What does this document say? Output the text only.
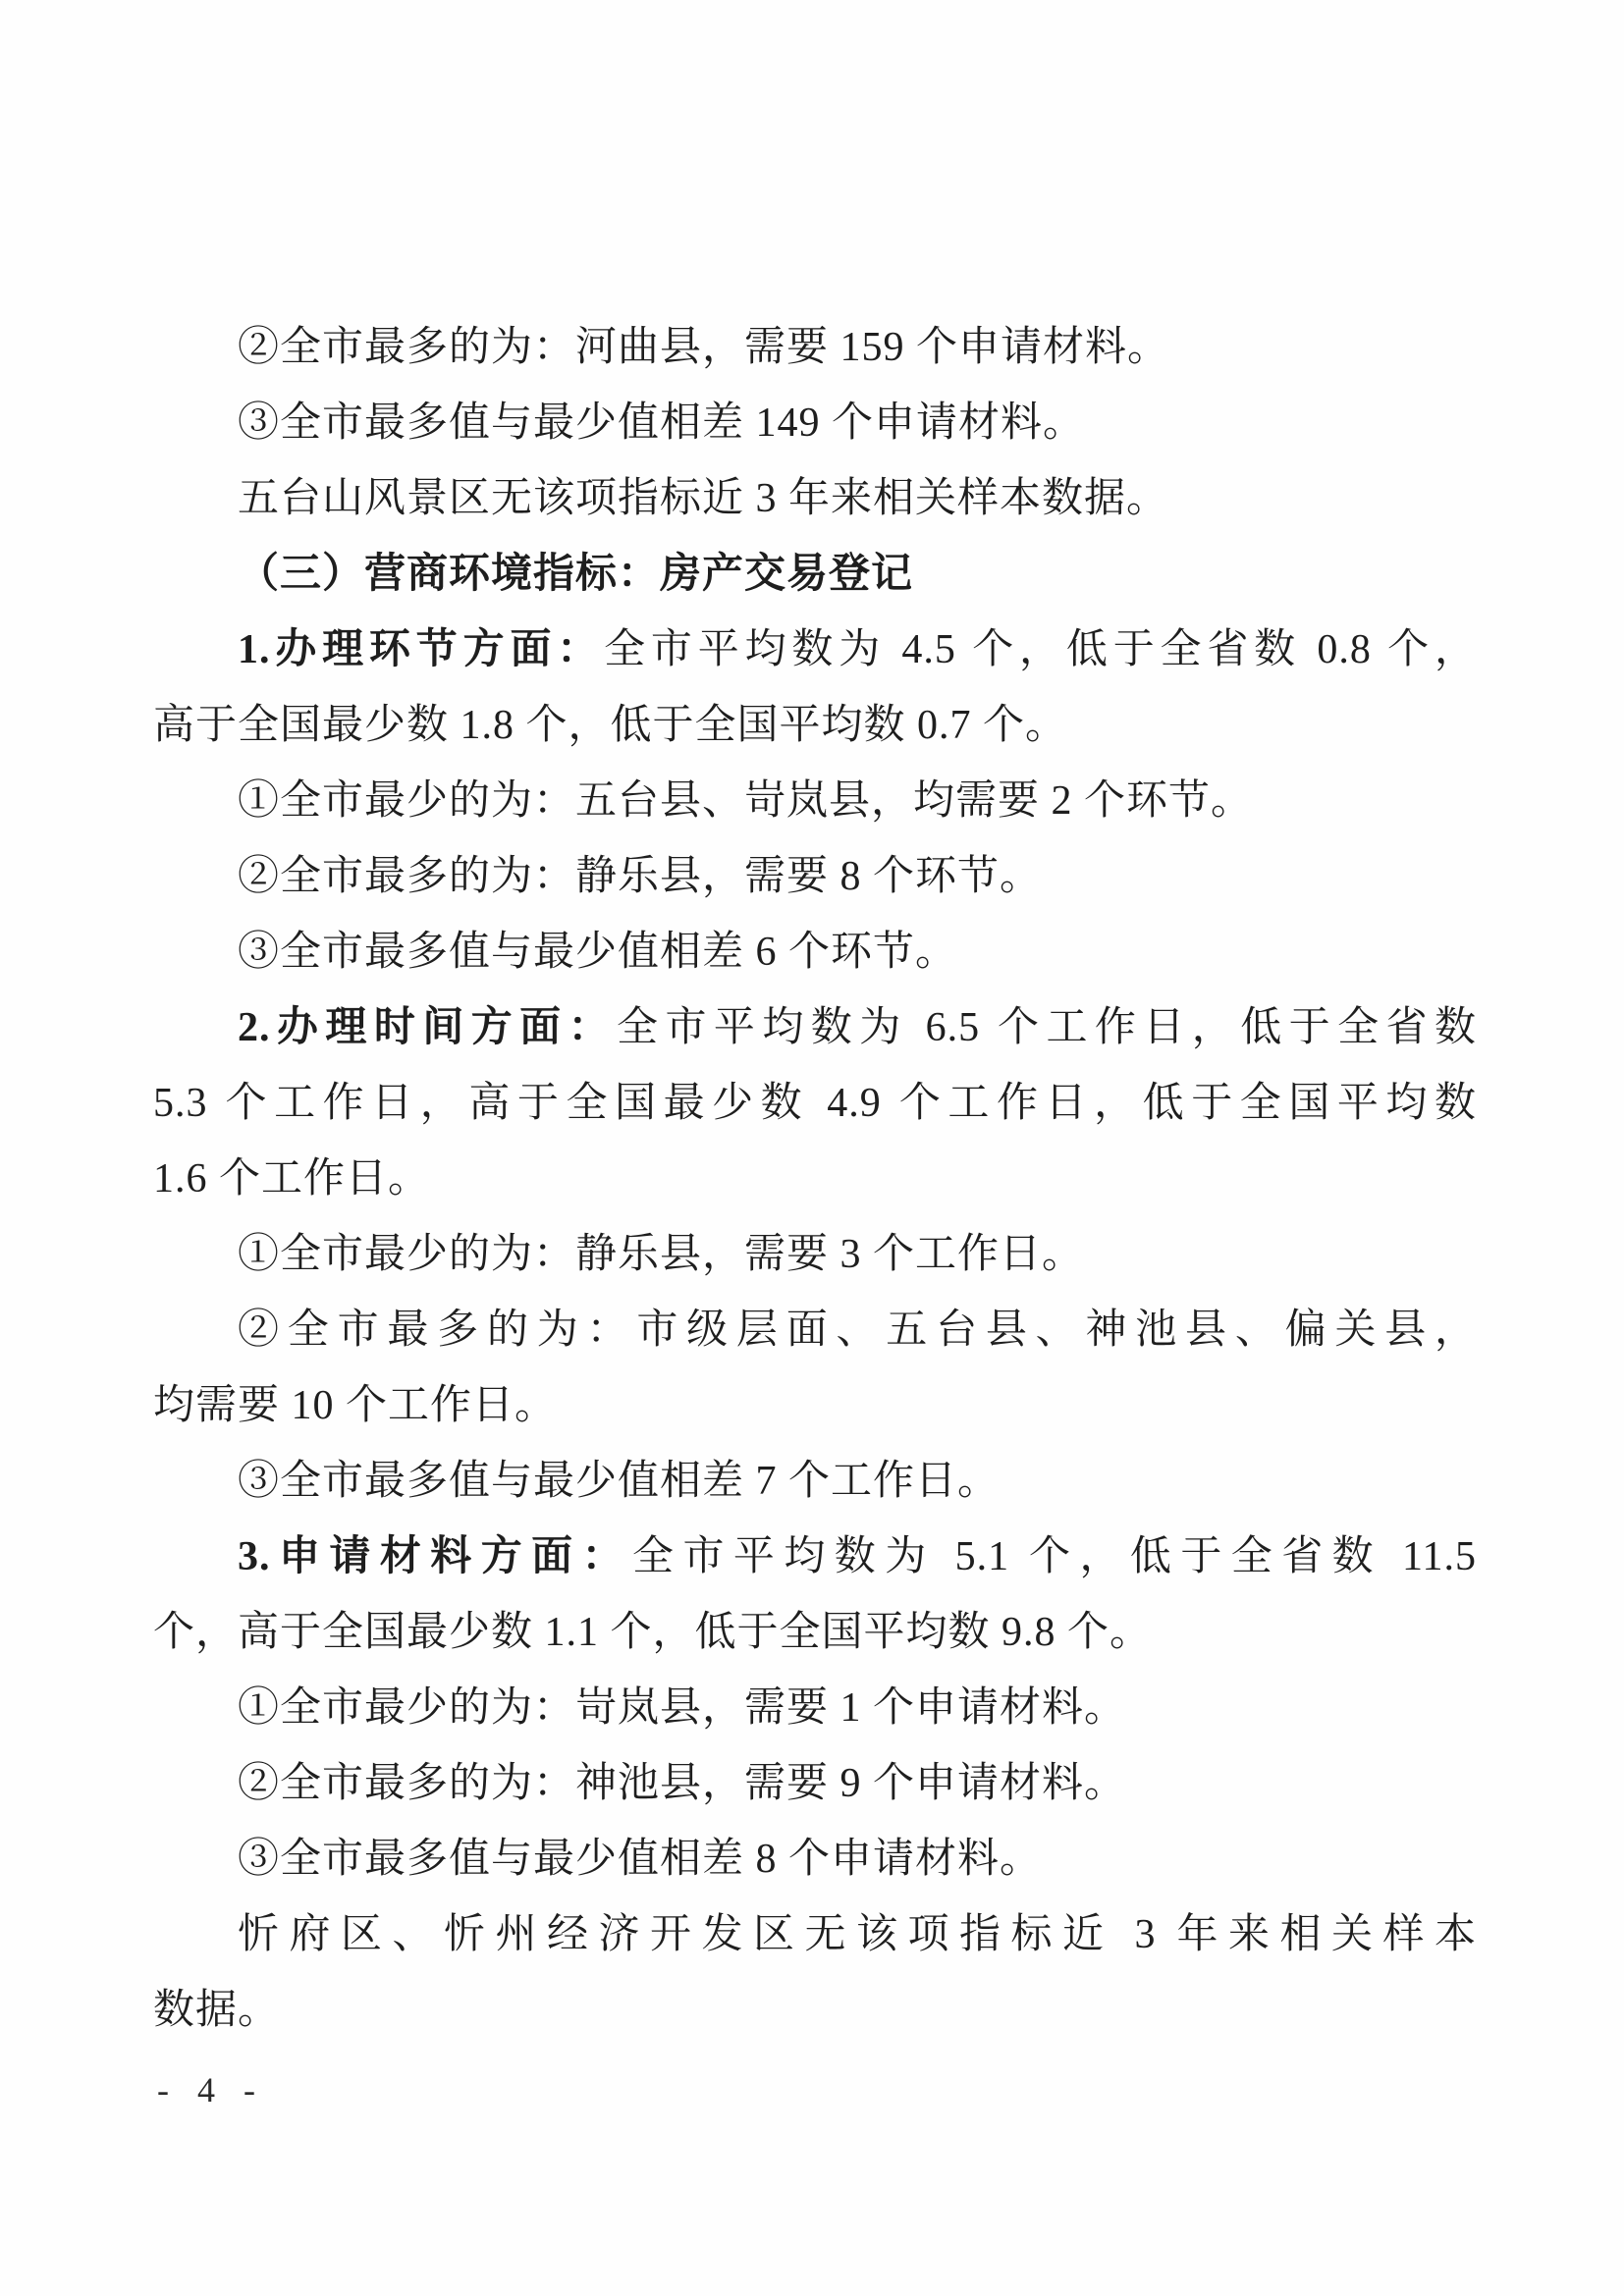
②全市最多的为：河曲县，需要 159 个申请材料。
③全市最多值与最少值相差 149 个申请材料。
五台山风景区无该项指标近 3 年来相关样本数据。
（三）营商环境指标：房产交易登记
1.办理环节方面：全市平均数为 4.5 个，低于全省数 0.8 个，
高于全国最少数 1.8 个，低于全国平均数 0.7 个。
①全市最少的为：五台县、岢岚县，均需要 2 个环节。
②全市最多的为：静乐县，需要 8 个环节。
③全市最多值与最少值相差 6 个环节。
2.办理时间方面：全市平均数为 6.5 个工作日，低于全省数
5.3 个工作日，高于全国最少数 4.9 个工作日，低于全国平均数
1.6 个工作日。
①全市最少的为：静乐县，需要 3 个工作日。
②全市最多的为：市级层面、五台县、神池县、偏关县，
均需要 10 个工作日。
③全市最多值与最少值相差 7 个工作日。
3.申请材料方面：全市平均数为 5.1 个，低于全省数 11.5
个，高于全国最少数 1.1 个，低于全国平均数 9.8 个。
①全市最少的为：岢岚县，需要 1 个申请材料。
②全市最多的为：神池县，需要 9 个申请材料。
③全市最多值与最少值相差 8 个申请材料。
忻府区、忻州经济开发区无该项指标近 3 年来相关样本
数据。
- 4 -
